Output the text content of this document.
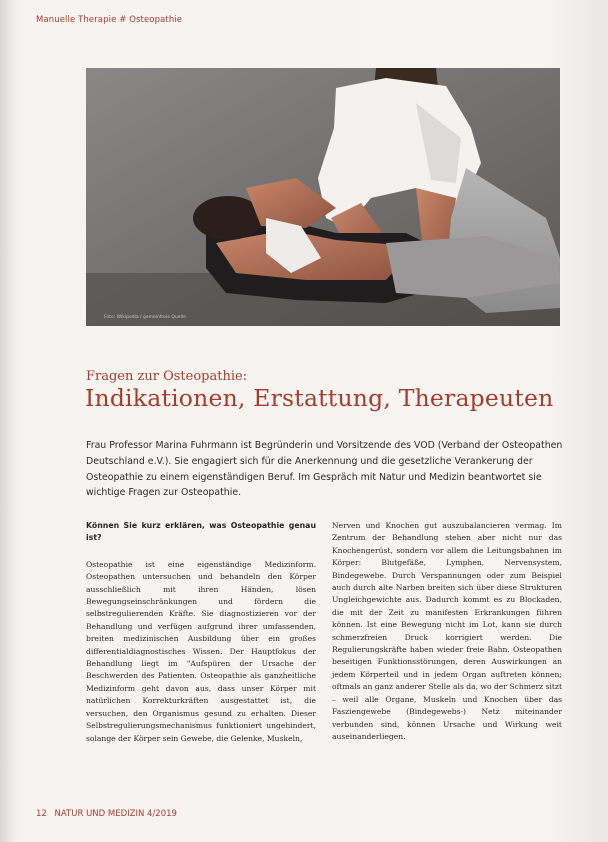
Manuelle Therapie # Osteopathie
Foto: Wikipedia / gemeinfreie Quelle
Fragen zur Osteopathie:
Indikationen, Erstattung, Therapeuten
Frau Professor Marina Fuhrmann ist Begründerin und Vorsitzende des VOD (Verband der Osteopathen Deutschland e.V.). Sie engagiert sich für die Anerkennung und die gesetzliche Verankerung der Osteopathie zu einem eigenständigen Beruf. Im Gespräch mit Natur und Medizin beantwortet sie wichtige Fragen zur Osteopathie.
Können Sie kurz erklären, was Osteopathie genau ist?

Osteopathie ist eine eigenständige Medizinform. Osteopathen untersuchen und behandeln den Körper ausschließlich mit ihren Händen, lösen Bewegungseinschränkungen und fördern die selbstregulierenden Kräfte. Sie diagnostizieren vor der Behandlung und verfügen aufgrund ihrer umfassenden, breiten medizinischen Ausbildung über ein großes differentialdiagnostisches Wissen. Der Hauptfokus der Behandlung liegt im "Aufspüren der Ursache der Beschwerden des Patienten. Osteopathie als ganzheitliche Medizinform geht davon aus, dass unser Körper mit natürlichen Korrekturkräften ausgestattet ist, die versuchen, den Organismus gesund zu erhalten. Dieser Selbstregulierungsmechanismus funktioniert ungehindert, solange der Körper sein Gewebe, die Gelenke, Muskeln,

Nerven und Knochen gut auszubalancieren vermag. Im Zentrum der Behandlung stehen aber nicht nur das Knochengerüst, sondern vor allem die Leitungsbahnen im Körper: Blutgefäße, Lymphen, Nervensystem, Bindegewebe. Durch Verspannungen oder zum Beispiel auch durch alte Narben breiten sich über diese Strukturen Ungleichgewichte aus. Dadurch kommt es zu Blockaden, die mit der Zeit zu manifesten Erkrankungen führen können. Ist eine Bewegung nicht im Lot, kann sie durch schmerzfreien Druck korrigiert werden. Die Regulierungskräfte haben wieder freie Bahn. Osteopathen beseitigen Funktionsstörungen, deren Auswirkungen an jedem Körperteil und in jedem Organ auftreten können; oftmals an ganz anderer Stelle als da, wo der Schmerz sitzt – weil alle Organe, Muskeln und Knochen über das Fasziengewebe (Bindegewebs-) Netz miteinander verbunden sind, können Ursache und Wirkung weit auseinanderliegen.

12 NATUR UND MEDIZIN 4/2019
